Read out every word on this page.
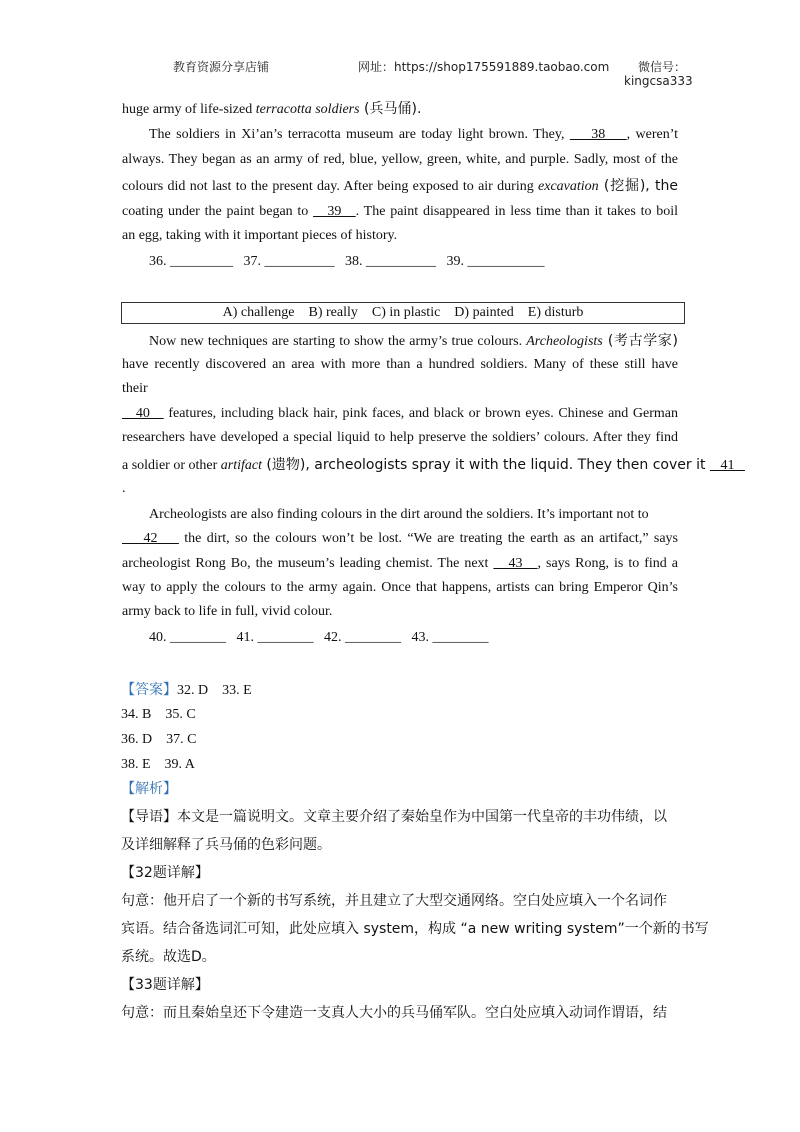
教育资源分享店铺	网址：https://shop175591889.taobao.com 微信号：
kingcsa333
huge army of life-sized terracotta soldiers (兵马俑).
The soldiers in Xi’an’s terracotta museum are today light brown. They,     38    , weren’t
always. They began as an army of red, blue, yellow, green, white, and purple. Sadly, most of the
colours did not last to the present day. After being exposed to air during excavation (挖掘), the
coating under the paint began to    39   . The paint disappeared in less time than it takes to boil
an egg, taking with it important pieces of history.
36. _________   37. __________   38. __________   39. ___________
A) challenge    B) really    C) in plastic    D) painted    E) disturb
Now new techniques are starting to show the army’s true colours. Archeologists (考古学家)
have recently discovered an area with more than a hundred soldiers. Many of these still have
their
40    features, including black hair, pink faces, and black or brown eyes. Chinese and German
researchers have developed a special liquid to help preserve the soldiers’ colours. After they find
a soldier or other artifact (遗物), archeologists spray it with the liquid. They then cover it    41
.
Archeologists are also finding colours in the dirt around the soldiers. It’s important not to
42     the dirt, so the colours won’t be lost. “We are treating the earth as an artifact,” says
archeologist Rong Bo, the museum’s leading chemist. The next    43   , says Rong, is to find a
way to apply the colours to the army again. Once that happens, artists can bring Emperor Qin’s
army back to life in full, vivid colour.
40. ________   41. ________   42. ________   43. ________
【答案】32. D    33. E
34. B    35. C
36. D    37. C
38. E    39. A
【解析】
【导语】本文是一篇说明文。文章主要介绍了秦始皇作为中国第一代皇帝的丰功伟绩，以
及详细解释了兵马俑的色彩问题。
【32题详解】
句意：他开启了一个新的书写系统，并且建立了大型交通网络。空白处应填入一个名词作
宾语。结合备选词汇可知，此处应填入 system，构成 “a new writing system”一个新的书写
系统。故选D。
【33题详解】
句意：而且秦始皇还下令建造一支真人大小的兵马俑军队。空白处应填入动词作谓语，结
